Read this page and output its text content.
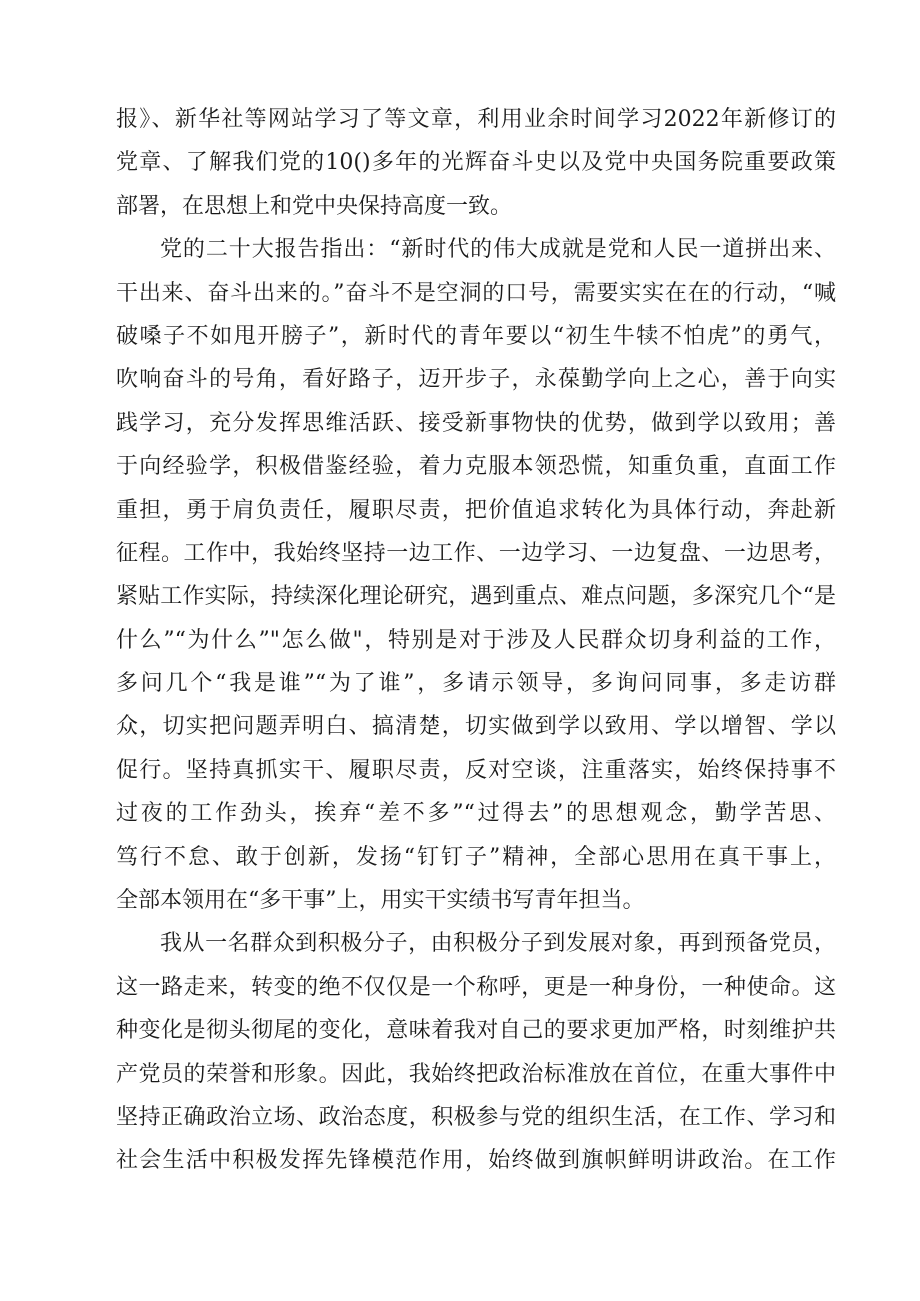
报》、新华社等网站学习了等文章，利用业余时间学习2022年新修订的
党章、了解我们党的10()多年的光辉奋斗史以及党中央国务院重要政策
部署，在思想上和党中央保持高度一致。
党的二十大报告指出：“新时代的伟大成就是党和人民一道拼出来、
干出来、奋斗出来的。”奋斗不是空洞的口号，需要实实在在的行动，“喊
破嗓子不如甩开膀子”，新时代的青年要以“初生牛犊不怕虎”的勇气，
吹响奋斗的号角，看好路子，迈开步子，永葆勤学向上之心，善于向实
践学习，充分发挥思维活跃、接受新事物快的优势，做到学以致用；善
于向经验学，积极借鉴经验，着力克服本领恐慌，知重负重，直面工作
重担，勇于肩负责任，履职尽责，把价值追求转化为具体行动，奔赴新
征程。工作中，我始终坚持一边工作、一边学习、一边复盘、一边思考，
紧贴工作实际，持续深化理论研究，遇到重点、难点问题，多深究几个“是
什么”“为什么”"怎么做"，特别是对于涉及人民群众切身利益的工作，
多问几个“我是谁”“为了谁”，多请示领导，多询问同事，多走访群
众，切实把问题弄明白、搞清楚，切实做到学以致用、学以增智、学以
促行。坚持真抓实干、履职尽责，反对空谈，注重落实，始终保持事不
过夜的工作劲头，挨弃“差不多”“过得去”的思想观念，勤学苦思、
笃行不怠、敢于创新，发扬“钉钉子”精神，全部心思用在真干事上，
全部本领用在“多干事”上，用实干实绩书写青年担当。
我从一名群众到积极分子，由积极分子到发展对象，再到预备党员，
这一路走来，转变的绝不仅仅是一个称呼，更是一种身份，一种使命。这
种变化是彻头彻尾的变化，意味着我对自己的要求更加严格，时刻维护共
产党员的荣誉和形象。因此，我始终把政治标准放在首位，在重大事件中
坚持正确政治立场、政治态度，积极参与党的组织生活，在工作、学习和
社会生活中积极发挥先锋模范作用，始终做到旗帜鲜明讲政治。在工作
